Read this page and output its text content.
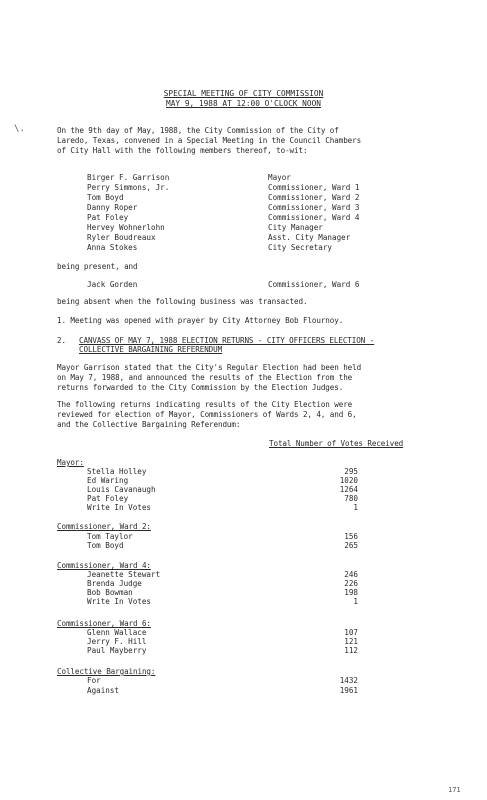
SPECIAL MEETING OF CITY COMMISSION
MAY 9, 1988 AT 12:00 O'CLOCK NOON
\.	On the 9th day of May, 1988, the City Commission of the City of
Laredo, Texas, convened in a Special Meeting in the Council Chambers
of City Hall with the following members thereof, to-wit:
Birger F. Garrison	Mayor
Perry Simmons, Jr.	Commissioner, Ward 1
Tom Boyd	Commissioner, Ward 2
Danny Roper	Commissioner, Ward 3
Pat Foley	Commissioner, Ward 4
Hervey Wohnerlohn	City Manager
Ryler Boudreaux	Asst. City Manager
Anna Stokes	City Secretary
being present, and
Jack Gorden	Commissioner, Ward 6
being absent when the following business was transacted.
1. Meeting was opened with prayer by City Attorney Bob Flournoy.
2. CANVASS OF MAY 7, 1988 ELECTION RETURNS - CITY OFFICERS ELECTION -
COLLECTIVE BARGAINING REFERENDUM
Mayor Garrison stated that the City's Regular Election had been held
on May 7, 1988, and announced the results of the Election from the
returns forwarded to the City Commission by the Election Judges.
The following returns indicating results of the City Election were
reviewed for election of Mayor, Commissioners of Wards 2, 4, and 6,
and the Collective Bargaining Referendum:
Total Number of Votes Received
Mayor:
Stella Holley	295
Ed Waring	1020
Louis Cavanaugh	1264
Pat Foley	780
Write In Votes	1
Commissioner, Ward 2:
Tom Taylor	156
Tom Boyd	265
Commissioner, Ward 4:
Jeanette Stewart	246
Brenda Judge	226
Bob Bowman	198
Write In Votes	1
Commissioner, Ward 6:
Glenn Wallace	107
Jerry F. Hill	121
Paul Mayberry	112
Collective Bargaining:
For	1432
Against	1961
171
